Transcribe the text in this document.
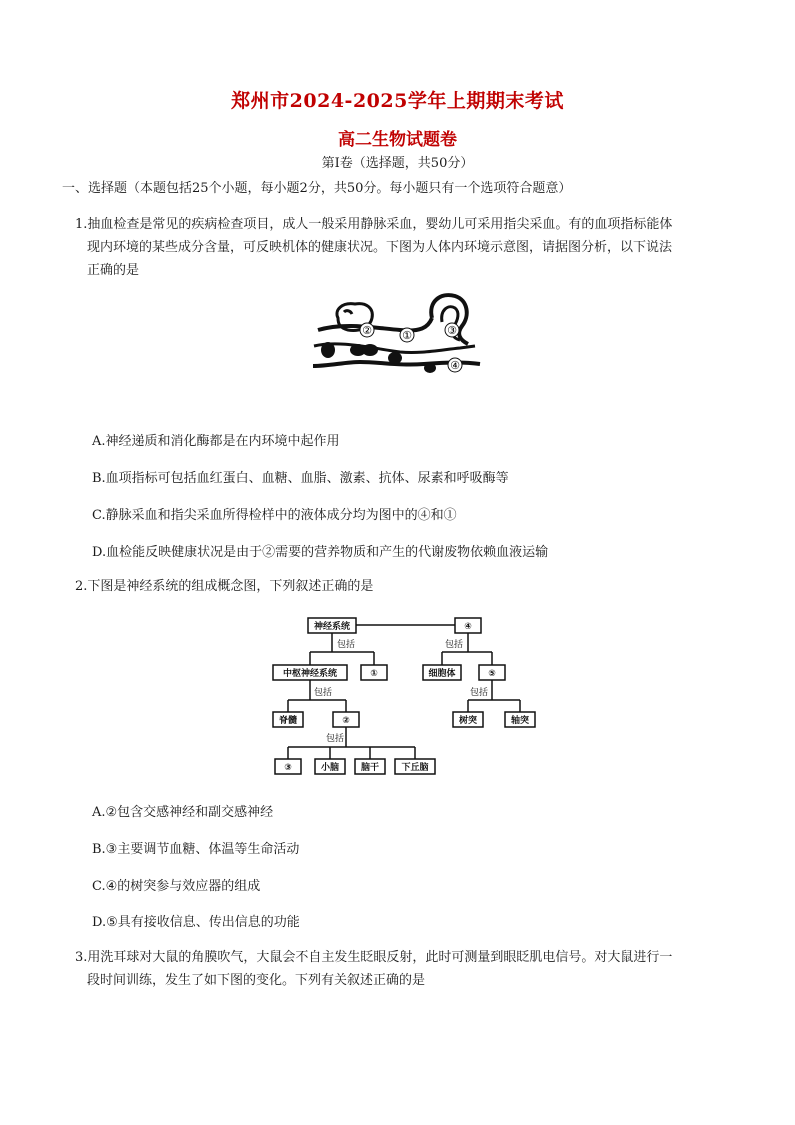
郑州市2024-2025学年上期期末考试
高二生物试题卷
第Ⅰ卷（选择题，共50分）
一、选择题（本题包括25个小题，每小题2分，共50分。每小题只有一个选项符合题意）
1.抽血检查是常见的疾病检查项目，成人一般采用静脉采血，婴幼儿可采用指尖采血。有的血项指标能体
现内环境的某些成分含量，可反映机体的健康状况。下图为人体内环境示意图，请据图分析，以下说法
正确的是
②	①	③
④
A.神经递质和消化酶都是在内环境中起作用
B.血项指标可包括血红蛋白、血糖、血脂、激素、抗体、尿素和呼吸酶等
C.静脉采血和指尖采血所得检样中的液体成分均为图中的④和①
D.血检能反映健康状况是由于②需要的营养物质和产生的代谢废物依赖血液运输
2.下图是神经系统的组成概念图，下列叙述正确的是
神经系统	④
包括	包括
中枢神经系统	①	细胞体	⑤
包括	包括
脊髓	②	树突	轴突
包括
③	小脑 脑干 下丘脑
A.②包含交感神经和副交感神经
B.③主要调节血糖、体温等生命活动
C.④的树突参与效应器的组成
D.⑤具有接收信息、传出信息的功能
3.用洗耳球对大鼠的角膜吹气，大鼠会不自主发生眨眼反射，此时可测量到眼眨肌电信号。对大鼠进行一
段时间训练，发生了如下图的变化。下列有关叙述正确的是
